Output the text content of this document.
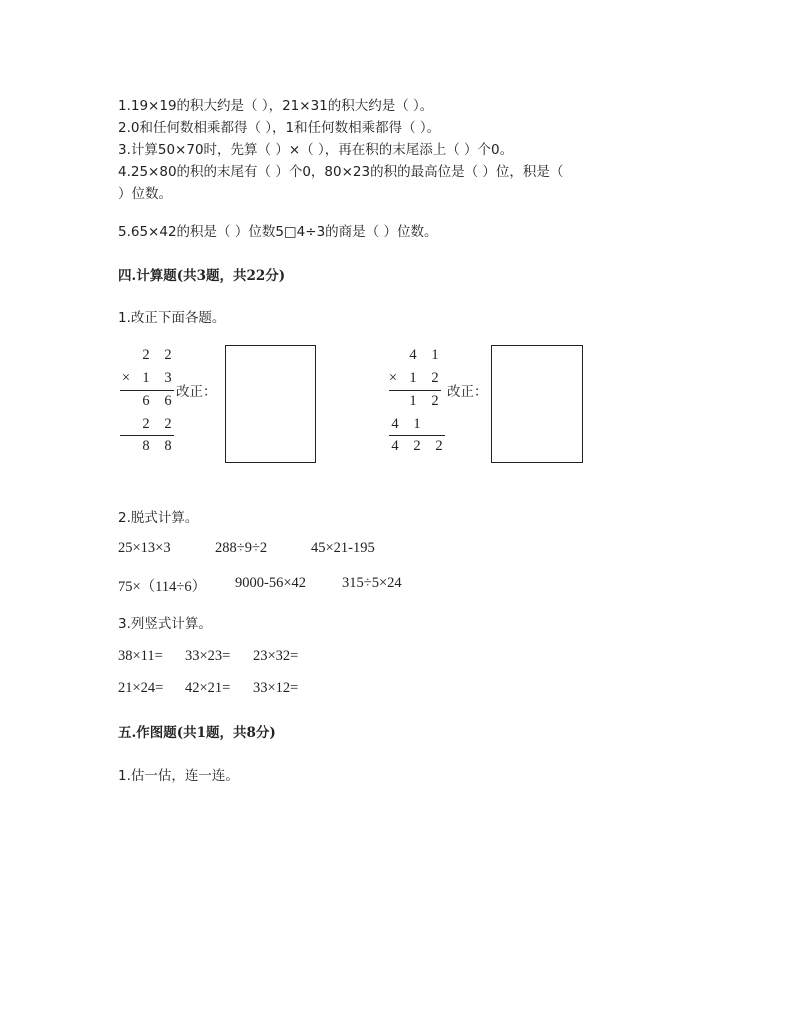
1.19×19的积大约是（ ），21×31的积大约是（ ）。
2.0和任何数相乘都得（ ），1和任何数相乘都得（ ）。
3.计算50×70时，先算（ ）×（ ），再在积的末尾添上（ ）个0。
4.25×80的积的末尾有（ ）个0，80×23的积的最高位是（ ）位，积是（
）位数。
5.65×42的积是（ ）位数5□4÷3的商是（ ）位数。
四.计算题(共3题，共22分)
1.改正下面各题。
2 2
× 1 3
6 6
2 2
8 8
改正：
4 1
× 1 2
1 2
4 1
4 2 2
改正：
2.脱式计算。
25×13×3	288÷9÷2	45×21-195
75×（114÷6） 9000-56×42 315÷5×24
3.列竖式计算。
38×11= 33×23= 23×32=
21×24= 42×21= 33×12=
五.作图题(共1题，共8分)
1.估一估，连一连。
